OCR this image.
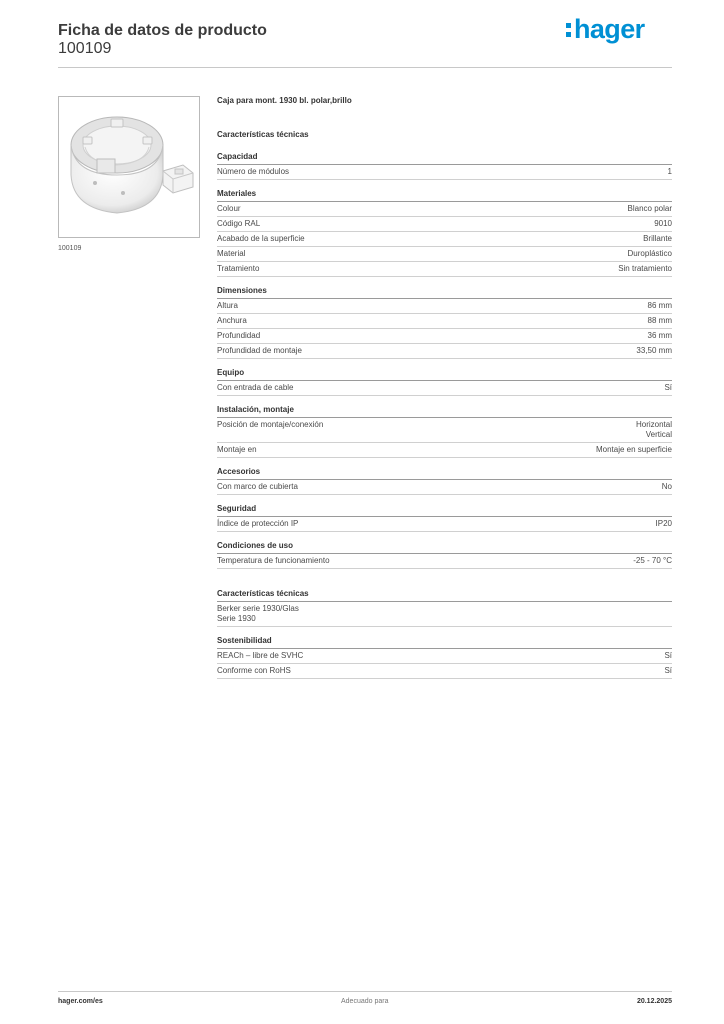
Ficha de datos de producto
100109
hager
100109
Caja para mont. 1930 bl. polar,brillo
Características técnicas
Capacidad
Número de módulos	1
Materiales
Colour	Blanco polar
Código RAL	9010
Acabado de la superficie	Brillante
Material	Duroplástico
Tratamiento	Sin tratamiento
Dimensiones
Altura	86 mm
Anchura	88 mm
Profundidad	36 mm
Profundidad de montaje	33,50 mm
Equipo
Con entrada de cable	Sí
Instalación, montaje
Posición de montaje/conexión	Horizontal
Vertical
Montaje en	Montaje en superficie
Accesorios
Con marco de cubierta	No
Seguridad
Índice de protección IP	IP20
Condiciones de uso
Temperatura de funcionamiento	-25 - 70 °C
Características técnicas
Berker serie 1930/Glas
Serie 1930
Sostenibilidad
REACh – libre de SVHC	Sí
Conforme con RoHS	Sí
hager.com/es	Adecuado para	20.12.2025
